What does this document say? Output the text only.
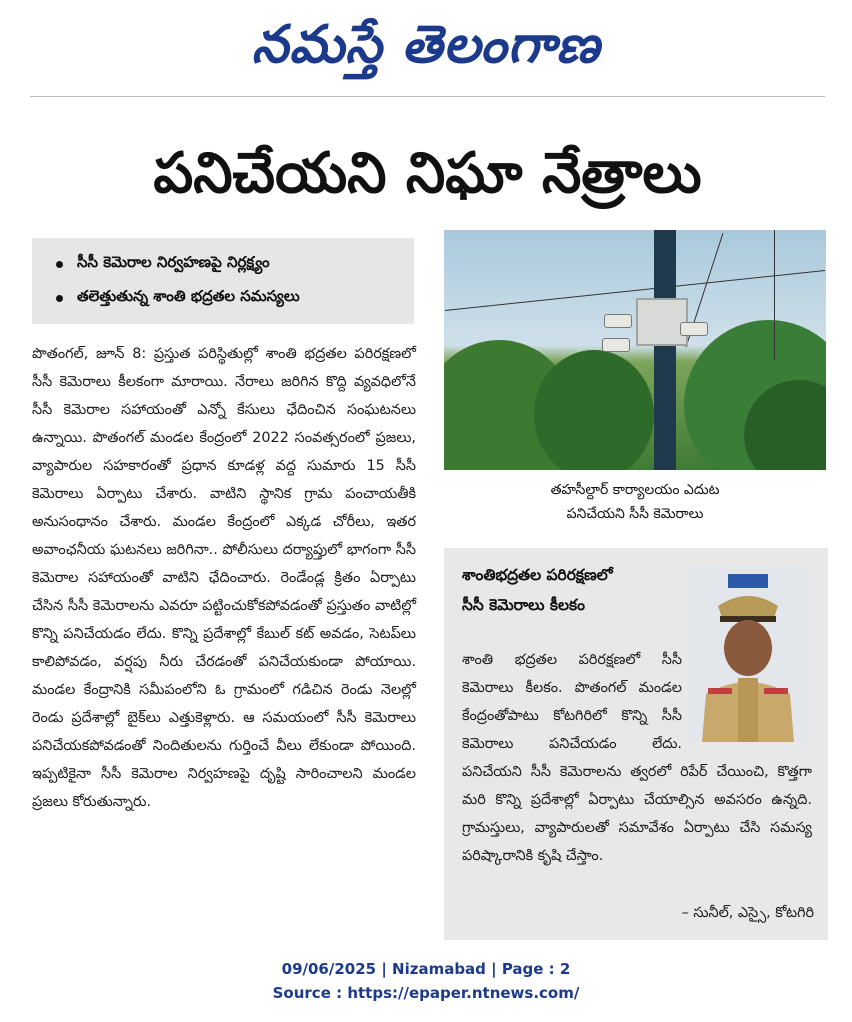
నమస్తే తెలంగాణ
పనిచేయని నిఘా నేత్రాలు
సీసీ కెమెరాల నిర్వహణపై నిర్లక్ష్యం
తలెత్తుతున్న శాంతి భద్రతల సమస్యలు
పొతంగల్, జూన్ 8: ప్రస్తుత పరిస్థితుల్లో శాంతి భద్రతల పరిరక్షణలో సీసీ కెమెరాలు కీలకంగా మారాయి. నేరాలు జరిగిన కొద్ది వ్యవధిలోనే సీసీ కెమెరాల సహాయంతో ఎన్నో కేసులు ఛేదించిన సంఘటనలు ఉన్నాయి. పొతంగల్ మండల కేంద్రంలో 2022 సంవత్సరంలో ప్రజలు, వ్యాపారుల సహకారంతో ప్రధాన కూడళ్ల వద్ద సుమారు 15 సీసీ కెమెరాలు ఏర్పాటు చేశారు. వాటిని స్థానిక గ్రామ పంచాయతీకి అనుసంధానం చేశారు. మండల కేంద్రంలో ఎక్కడ చోరీలు, ఇతర అవాంఛనీయ ఘటనలు జరిగినా.. పోలీసులు దర్యాప్తులో భాగంగా సీసీ కెమెరాల సహాయంతో వాటిని ఛేదించారు. రెండేండ్ల క్రితం ఏర్పాటు చేసిన సీసీ కెమెరాలను ఎవరూ పట్టించుకోకపోవడంతో ప్రస్తుతం వాటిల్లో కొన్ని పనిచేయడం లేదు. కొన్ని ప్రదేశాల్లో కేబుల్ కట్ అవడం, సెటప్‌లు కాలిపోవడం, వర్షపు నీరు చేరడంతో పనిచేయకుండా పోయాయి. మండల కేంద్రానికి సమీపంలోని ఓ గ్రామంలో గడిచిన రెండు నెలల్లో రెండు ప్రదేశాల్లో బైక్‌లు ఎత్తుకెళ్లారు. ఆ సమయంలో సీసీ కెమెరాలు పనిచేయకపోవడంతో నిందితులను గుర్తించే వీలు లేకుండా పోయింది. ఇప్పటికైనా సీసీ కెమెరాల నిర్వహణపై దృష్టి సారించాలని మండల ప్రజలు కోరుతున్నారు.
తహసీల్దార్ కార్యాలయం ఎదుట
పనిచేయని సీసీ కెమెరాలు
శాంతిభద్రతల పరిరక్షణలో
సీసీ కెమెరాలు కీలకం
శాంతి భద్రతల పరిరక్షణలో సీసీ కెమెరాలు కీలకం. పొతంగల్ మండల కేంద్రంతోపాటు కోటగిరిలో కొన్ని సీసీ కెమెరాలు పనిచేయడం లేదు. పనిచేయని సీసీ కెమెరాలను త్వరలో రిపేర్ చేయించి, కొత్తగా మరి కొన్ని ప్రదేశాల్లో ఏర్పాటు చేయాల్సిన అవసరం ఉన్నది. గ్రామస్తులు, వ్యాపారులతో సమావేశం ఏర్పాటు చేసి సమస్య పరిష్కారానికి కృషి చేస్తాం.
– సునీల్, ఎస్సై, కోటగిరి
09/06/2025 | Nizamabad | Page : 2
Source : https://epaper.ntnews.com/
